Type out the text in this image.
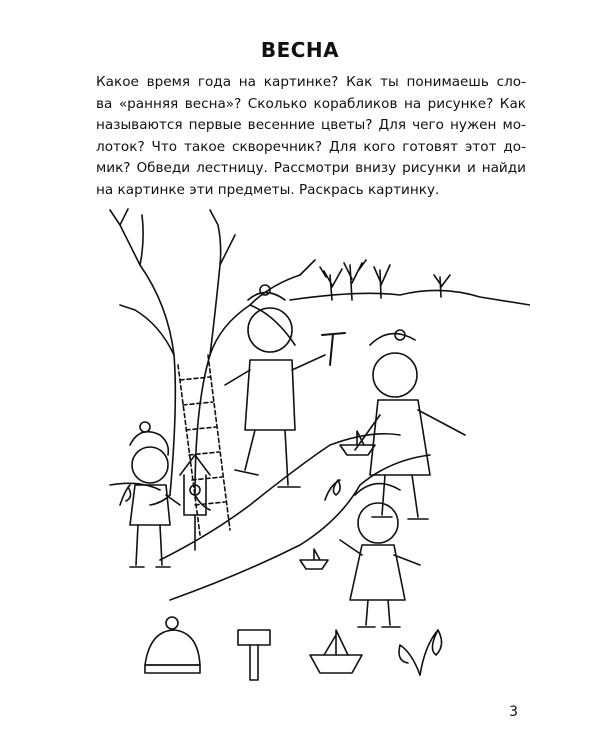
ВЕСНА
Какое время года на картинке? Как ты понимаешь сло-
ва «ранняя весна»? Сколько корабликов на рисунке? Как
называются первые весенние цветы? Для чего нужен мо-
лоток? Что такое скворечник? Для кого готовят этот до-
мик? Обведи лестницу. Рассмотри внизу рисунки и найди
на картинке эти предметы. Раскрась картинку.
3
